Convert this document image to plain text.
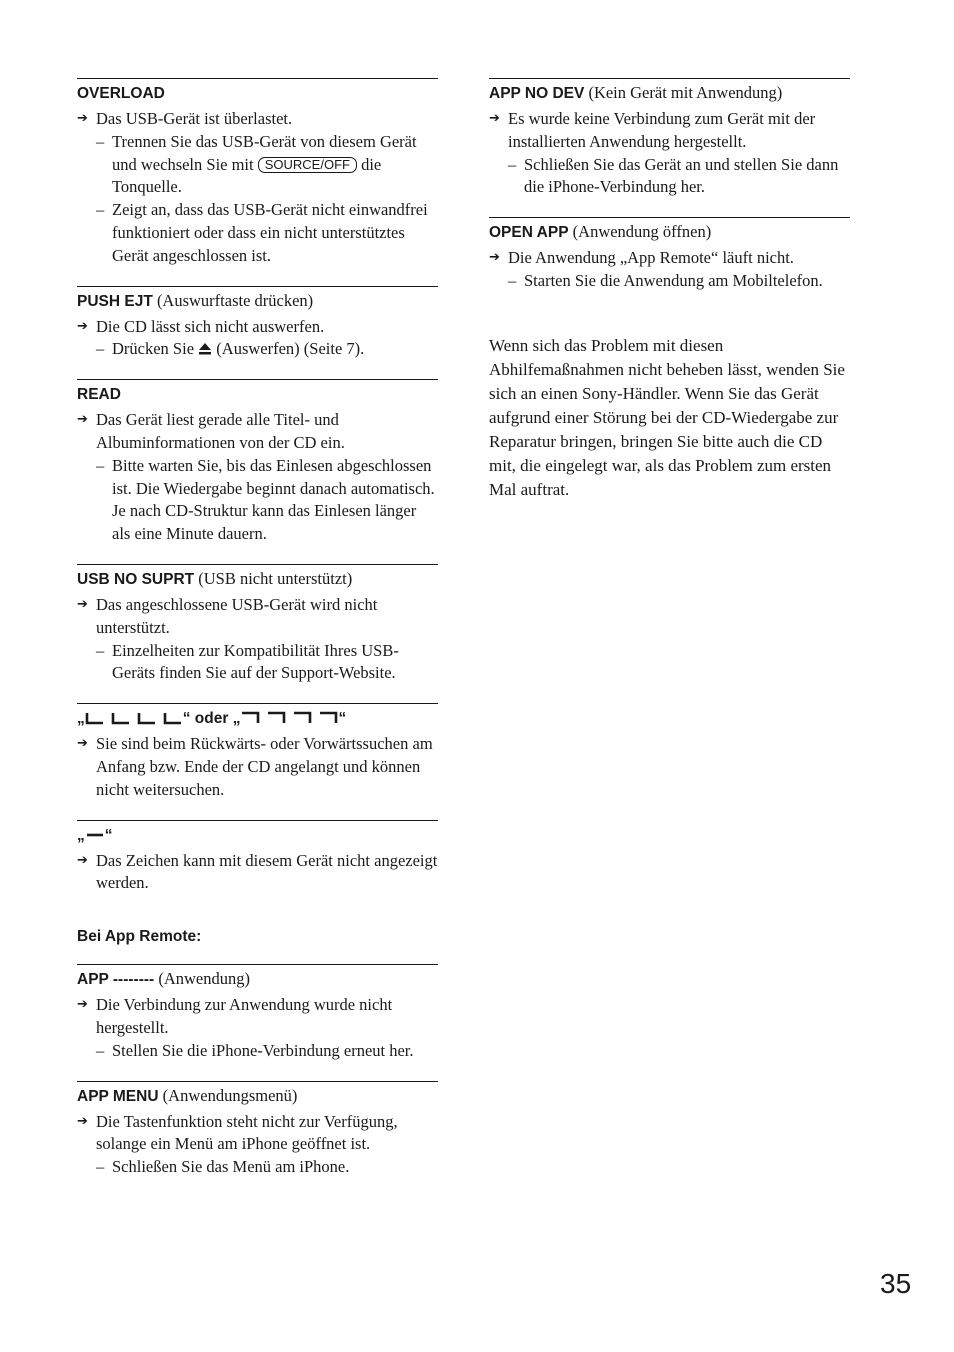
OVERLOAD
➔ Das USB-Gerät ist überlastet.
– Trennen Sie das USB-Gerät von diesem Gerät und wechseln Sie mit SOURCE/OFF die Tonquelle.
– Zeigt an, dass das USB-Gerät nicht einwandfrei funktioniert oder dass ein nicht unterstütztes Gerät angeschlossen ist.
PUSH EJT (Auswurftaste drücken)
➔ Die CD lässt sich nicht auswerfen.
– Drücken Sie (Auswerfen) (Seite 7).
READ
➔ Das Gerät liest gerade alle Titel- und Albuminformationen von der CD ein.
– Bitte warten Sie, bis das Einlesen abgeschlossen ist. Die Wiedergabe beginnt danach automatisch. Je nach CD-Struktur kann das Einlesen länger als eine Minute dauern.
USB NO SUPRT (USB nicht unterstützt)
➔ Das angeschlossene USB-Gerät wird nicht unterstützt.
– Einzelheiten zur Kompatibilität Ihres USB-Geräts finden Sie auf der Support-Website.
„	“ oder „	“
➔ Sie sind beim Rückwärts- oder Vorwärtssuchen am Anfang bzw. Ende der CD angelangt und können nicht weitersuchen.
„ “
➔ Das Zeichen kann mit diesem Gerät nicht angezeigt werden.
Bei App Remote:
APP -------- (Anwendung)
➔ Die Verbindung zur Anwendung wurde nicht hergestellt.
– Stellen Sie die iPhone-Verbindung erneut her.
APP MENU (Anwendungsmenü)
➔ Die Tastenfunktion steht nicht zur Verfügung, solange ein Menü am iPhone geöffnet ist.
– Schließen Sie das Menü am iPhone.
APP NO DEV (Kein Gerät mit Anwendung)
➔ Es wurde keine Verbindung zum Gerät mit der installierten Anwendung hergestellt.
– Schließen Sie das Gerät an und stellen Sie dann die iPhone-Verbindung her.
OPEN APP (Anwendung öffnen)
➔ Die Anwendung „App Remote“ läuft nicht.
– Starten Sie die Anwendung am Mobiltelefon.
Wenn sich das Problem mit diesen Abhilfemaßnahmen nicht beheben lässt, wenden Sie sich an einen Sony-Händler. Wenn Sie das Gerät aufgrund einer Störung bei der CD-Wiedergabe zur Reparatur bringen, bringen Sie bitte auch die CD mit, die eingelegt war, als das Problem zum ersten Mal auftrat.
35
